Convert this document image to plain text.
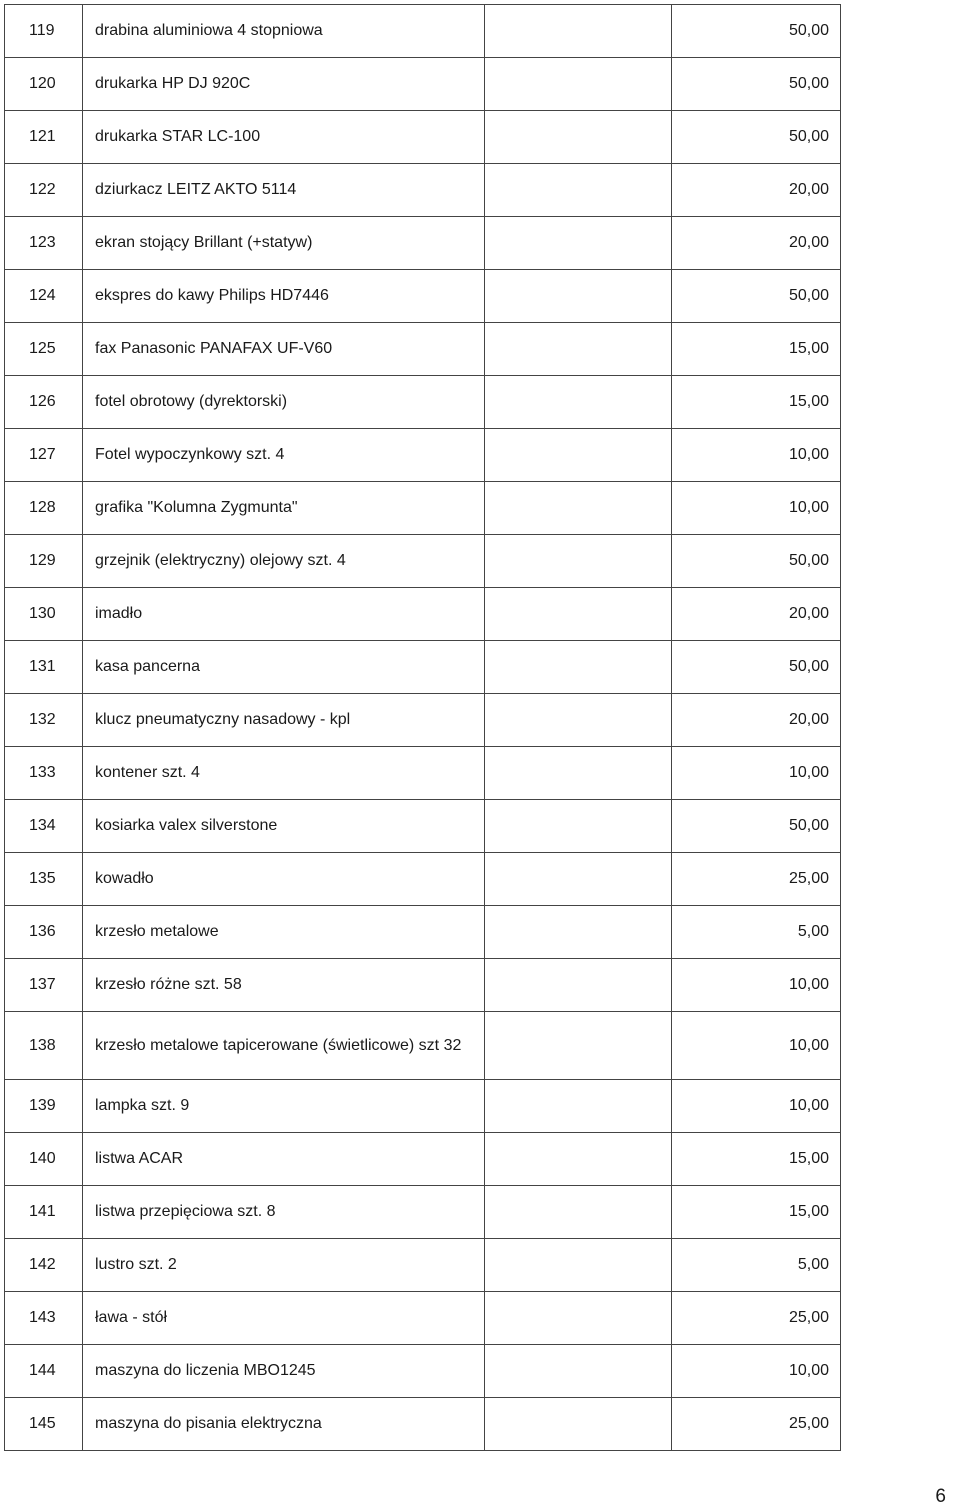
119	drabina aluminiowa 4 stopniowa		50,00
120	drukarka HP DJ 920C		50,00
121	drukarka STAR LC-100		50,00
122	dziurkacz LEITZ AKTO 5114		20,00
123	ekran stojący Brillant (+statyw)		20,00
124	ekspres do kawy Philips HD7446		50,00
125	fax Panasonic PANAFAX UF-V60		15,00
126	fotel obrotowy (dyrektorski)		15,00
127	Fotel wypoczynkowy szt. 4		10,00
128	grafika "Kolumna Zygmunta"		10,00
129	grzejnik (elektryczny) olejowy szt. 4		50,00
130	imadło		20,00
131	kasa pancerna		50,00
132	klucz pneumatyczny nasadowy - kpl		20,00
133	kontener szt. 4		10,00
134	kosiarka valex silverstone		50,00
135	kowadło		25,00
136	krzesło metalowe		5,00
137	krzesło różne szt. 58		10,00
138	krzesło metalowe tapicerowane (świetlicowe) szt 32		10,00
139	lampka szt. 9		10,00
140	listwa ACAR		15,00
141	listwa przepięciowa szt. 8		15,00
142	lustro szt. 2		5,00
143	ława - stół		25,00
144	maszyna do liczenia MBO1245		10,00
145	maszyna do pisania elektryczna		25,00
6
